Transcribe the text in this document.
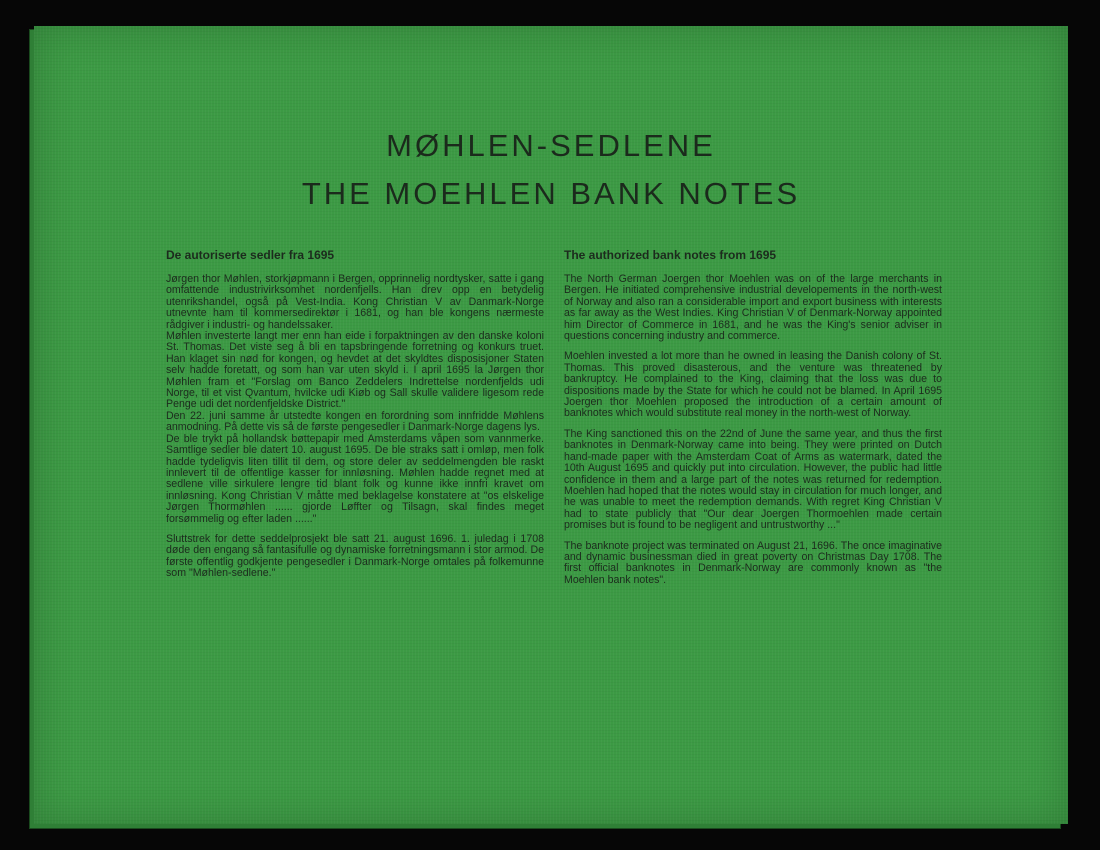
MØHLEN-SEDLENE
THE MOEHLEN BANK NOTES
De autoriserte sedler fra 1695

Jørgen thor Møhlen, storkjøpmann i Bergen, opprinnelig nordtysker, satte i gang omfattende industrivirksomhet nordenfjells. Han drev opp en betydelig utenrikshandel, også på Vest-India. Kong Christian V av Danmark-Norge utnevnte ham til kommersedirektør i 1681, og han ble kongens nærmeste rådgiver i industri- og handelssaker.

Møhlen investerte langt mer enn han eide i forpaktningen av den danske koloni St. Thomas. Det viste seg å bli en tapsbringende forretning og konkurs truet. Han klaget sin nød for kongen, og hevdet at det skyldtes disposisjoner Staten selv hadde foretatt, og som han var uten skyld i. I april 1695 la Jørgen thor Møhlen fram et "Forslag om Banco Zeddelers Indrettelse nordenfjelds udi Norge, til et vist Qvantum, hvilcke udi Kiøb og Sall skulle validere ligesom rede Penge udi det nordenfjeldske District."

Den 22. juni samme år utstedte kongen en forordning som innfridde Møhlens anmodning. På dette vis så de første pengesedler i Danmark-Norge dagens lys.

De ble trykt på hollandsk bøttepapir med Amsterdams våpen som vannmerke. Samtlige sedler ble datert 10. august 1695. De ble straks satt i omløp, men folk hadde tydeligvis liten tillit til dem, og store deler av seddelmengden ble raskt innlevert til de offentlige kasser for innløsning. Møhlen hadde regnet med at sedlene ville sirkulere lengre tid blant folk og kunne ikke innfri kravet om innløsning. Kong Christian V måtte med beklagelse konstatere at "os elskelige Jørgen Thormøhlen ...... gjorde Løffter og Tilsagn, skal findes meget forsømmelig og efter laden ......"

Sluttstrek for dette seddelprosjekt ble satt 21. august 1696. 1. juledag i 1708 døde den engang så fantasifulle og dynamiske forretningsmann i stor armod. De første offentlig godkjente pengesedler i Danmark-Norge omtales på folkemunne som "Møhlen-sedlene."

The authorized bank notes from 1695

The North German Joergen thor Moehlen was on of the large merchants in Bergen. He initiated comprehensive industrial developements in the north-west of Norway and also ran a considerable import and export business with interests as far away as the West Indies. King Christian V of Denmark-Norway appointed him Director of Commerce in 1681, and he was the King's senior adviser in questions concerning industry and commerce.

Moehlen invested a lot more than he owned in leasing the Danish colony of St. Thomas. This proved disasterous, and the venture was threatened by bankruptcy. He complained to the King, claiming that the loss was due to dispositions made by the State for which he could not be blamed. In April 1695 Joergen thor Moehlen proposed the introduction of a certain amount of banknotes which would substitute real money in the north-west of Norway.

The King sanctioned this on the 22nd of June the same year, and thus the first banknotes in Denmark-Norway came into being. They were printed on Dutch hand-made paper with the Amsterdam Coat of Arms as watermark, dated the 10th August 1695 and quickly put into circulation. However, the public had little confidence in them and a large part of the notes was returned for redemption. Moehlen had hoped that the notes would stay in circulation for much longer, and he was unable to meet the redemption demands. With regret King Christian V had to state publicly that "Our dear Joergen Thormoehlen made certain promises but is found to be negligent and untrustworthy ..."

The banknote project was terminated on August 21, 1696. The once imaginative and dynamic businessman died in great poverty on Christmas Day 1708. The first official banknotes in Denmark-Norway are commonly known as "the Moehlen bank notes".
